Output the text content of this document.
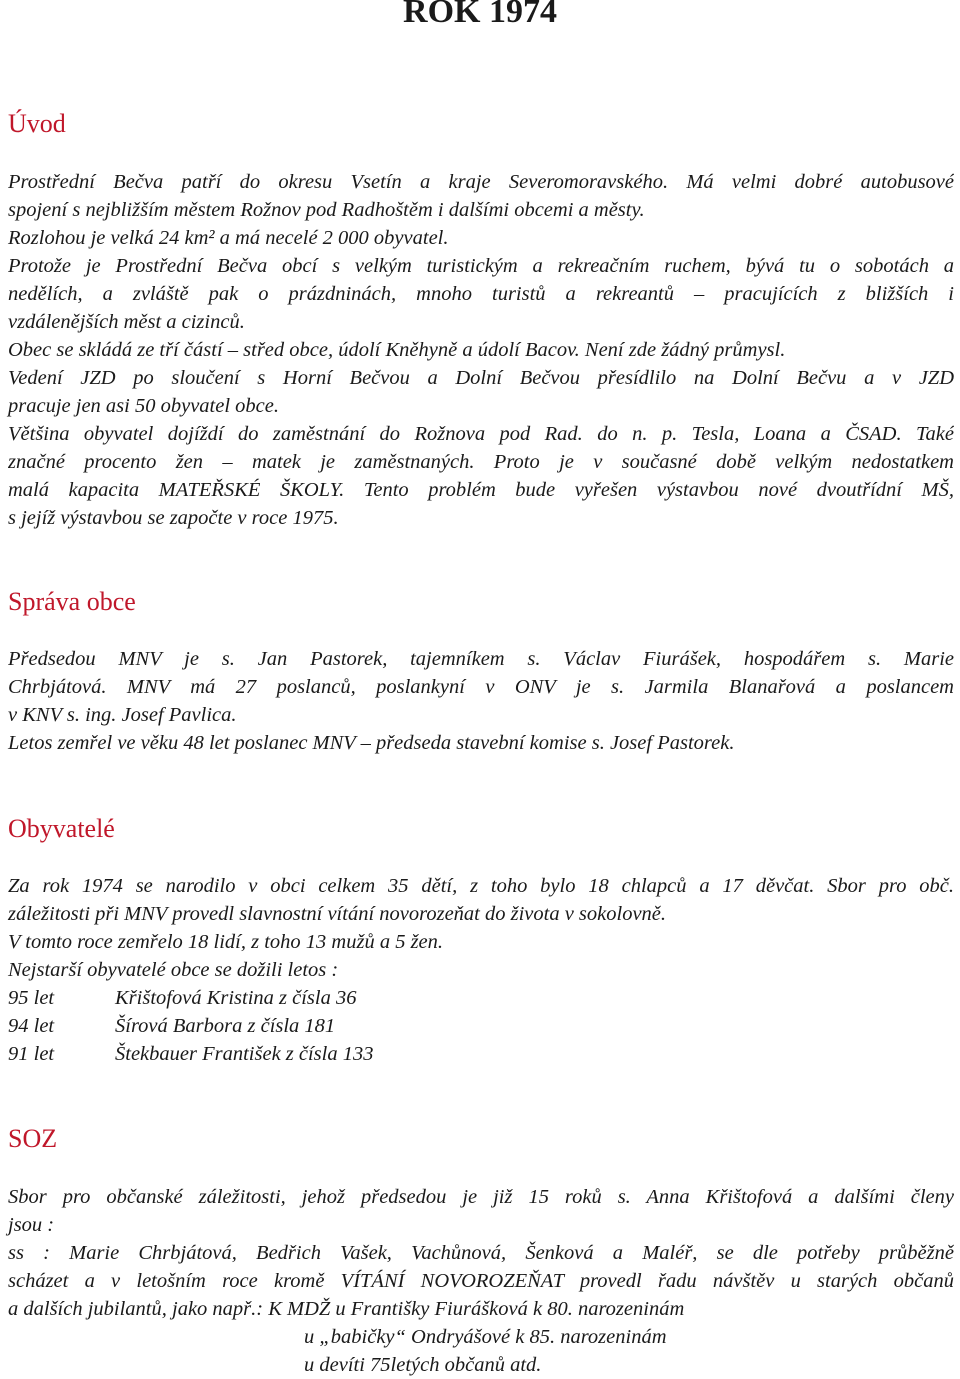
ROK 1974
Úvod
Prostřední Bečva patří do okresu Vsetín a kraje Severomoravského. Má velmi dobré autobusové
spojení s nejbližším městem Rožnov pod Radhoštěm i dalšími obcemi a městy.
Rozlohou je velká 24 km² a má necelé 2 000 obyvatel.
Protože je Prostřední Bečva obcí s velkým turistickým a rekreačním ruchem, bývá tu o sobotách a
nedělích, a zvláště pak o prázdninách, mnoho turistů a rekreantů – pracujících z bližších i
vzdálenějších měst a cizinců.
Obec se skládá ze tří částí – střed obce, údolí Kněhyně a údolí Bacov. Není zde žádný průmysl.
Vedení JZD po sloučení s Horní Bečvou a Dolní Bečvou přesídlilo na Dolní Bečvu a v JZD
pracuje jen asi 50 obyvatel obce.
Většina obyvatel dojíždí do zaměstnání do Rožnova pod Rad. do n. p. Tesla, Loana a ČSAD. Také
značné procento žen – matek je zaměstnaných. Proto je v současné době velkým nedostatkem
malá kapacita MATEŘSKÉ ŠKOLY. Tento problém bude vyřešen výstavbou nové dvoutřídní MŠ,
s jejíž výstavbou se započte v roce 1975.
Správa obce
Předsedou MNV je s. Jan Pastorek, tajemníkem s. Václav Fiurášek, hospodářem s. Marie
Chrbjátová. MNV má 27 poslanců, poslankyní v ONV je s. Jarmila Blanařová a poslancem
v KNV s. ing. Josef Pavlica.
Letos zemřel ve věku 48 let poslanec MNV – předseda stavební komise s. Josef Pastorek.
Obyvatelé
Za rok 1974 se narodilo v obci celkem 35 dětí, z toho bylo 18 chlapců a 17 děvčat. Sbor pro obč.
záležitosti při MNV provedl slavnostní vítání novorozeňat do života v sokolovně.
V tomto roce zemřelo 18 lidí, z toho 13 mužů a 5 žen.
Nejstarší obyvatelé obce se dožili letos :
95 let	Křištofová Kristina z čísla 36
94 let	Šírová Barbora z čísla 181
91 let	Štekbauer František z čísla 133
SOZ
Sbor pro občanské záležitosti, jehož předsedou je již 15 roků s. Anna Křištofová a dalšími členy
jsou :
ss : Marie Chrbjátová, Bedřich Vašek, Vachůnová, Šenková a Maléř, se dle potřeby průběžně
scházet a v letošním roce kromě VÍTÁNÍ NOVOROZEŇAT provedl řadu návštěv u starých občanů
a dalších jubilantů, jako např.: K MDŽ u Františky Fiurášková k 80. narozeninám
u „babičky“ Ondryášové k 85. narozeninám
u devíti 75letých občanů atd.
